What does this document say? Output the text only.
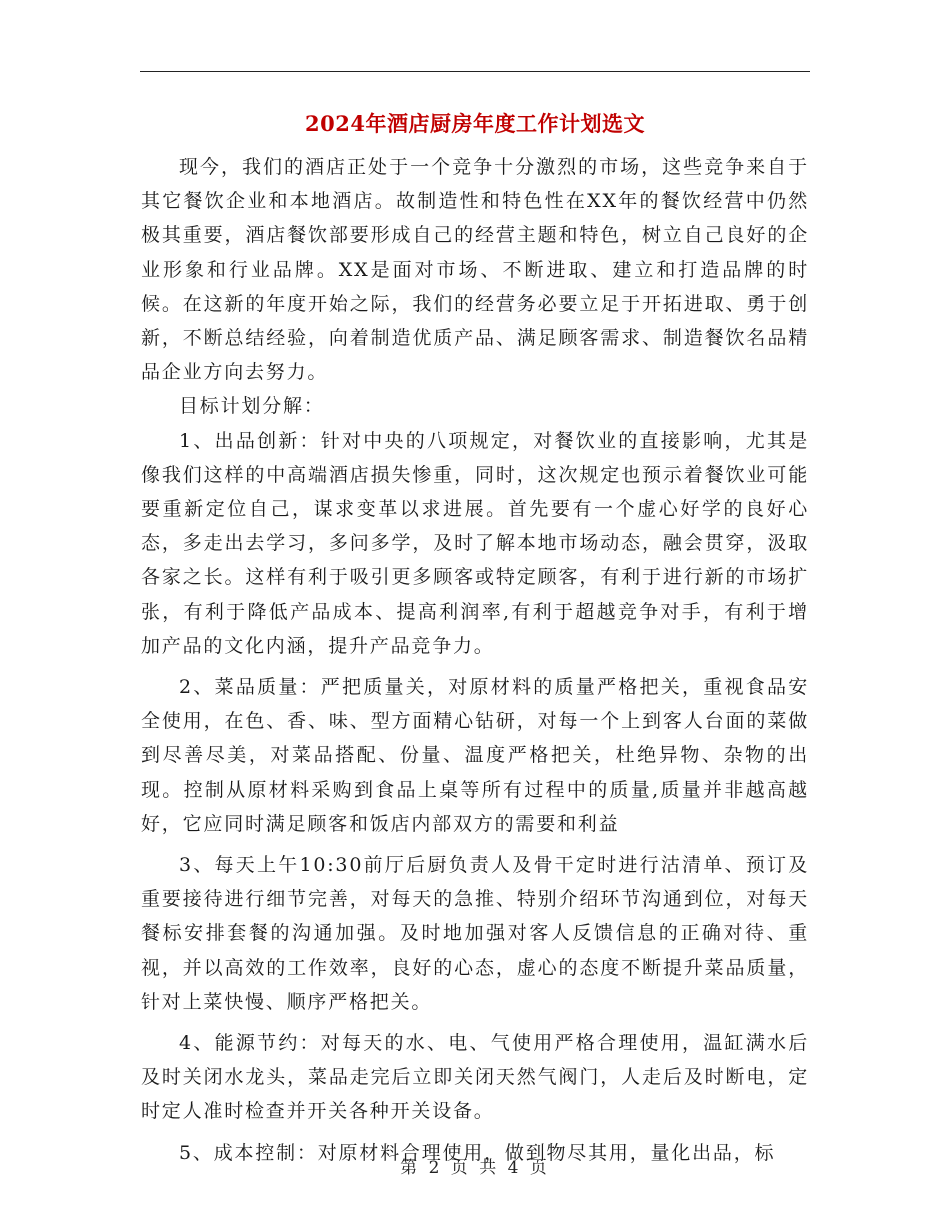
2024年酒店厨房年度工作计划选文

现今，我们的酒店正处于一个竞争十分激烈的市场，这些竞争来自于其它餐饮企业和本地酒店。故制造性和特色性在XX年的餐饮经营中仍然极其重要，酒店餐饮部要形成自己的经营主题和特色，树立自己良好的企业形象和行业品牌。XX是面对市场、不断进取、建立和打造品牌的时候。在这新的年度开始之际，我们的经营务必要立足于开拓进取、勇于创新，不断总结经验，向着制造优质产品、满足顾客需求、制造餐饮名品精品企业方向去努力。

目标计划分解：

1、出品创新：针对中央的八项规定，对餐饮业的直接影响，尤其是像我们这样的中高端酒店损失惨重，同时，这次规定也预示着餐饮业可能要重新定位自己，谋求变革以求进展。首先要有一个虚心好学的良好心态，多走出去学习，多问多学，及时了解本地市场动态，融会贯穿，汲取各家之长。这样有利于吸引更多顾客或特定顾客，有利于进行新的市场扩张，有利于降低产品成本、提高利润率,有利于超越竞争对手，有利于增加产品的文化内涵，提升产品竞争力。

2、菜品质量：严把质量关，对原材料的质量严格把关，重视食品安全使用，在色、香、味、型方面精心钻研，对每一个上到客人台面的菜做到尽善尽美，对菜品搭配、份量、温度严格把关，杜绝异物、杂物的出现。控制从原材料采购到食品上桌等所有过程中的质量,质量并非越高越好，它应同时满足顾客和饭店内部双方的需要和利益

3、每天上午10:30前厅后厨负责人及骨干定时进行沽清单、预订及重要接待进行细节完善，对每天的急推、特别介绍环节沟通到位，对每天餐标安排套餐的沟通加强。及时地加强对客人反馈信息的正确对待、重视，并以高效的工作效率，良好的心态，虚心的态度不断提升菜品质量，针对上菜快慢、顺序严格把关。

4、能源节约：对每天的水、电、气使用严格合理使用，温缸满水后及时关闭水龙头，菜品走完后立即关闭天然气阀门，人走后及时断电，定时定人准时检查并开关各种开关设备。

5、成本控制：对原材料合理使用，做到物尽其用，量化出品，标

第 2 页 共 4 页
